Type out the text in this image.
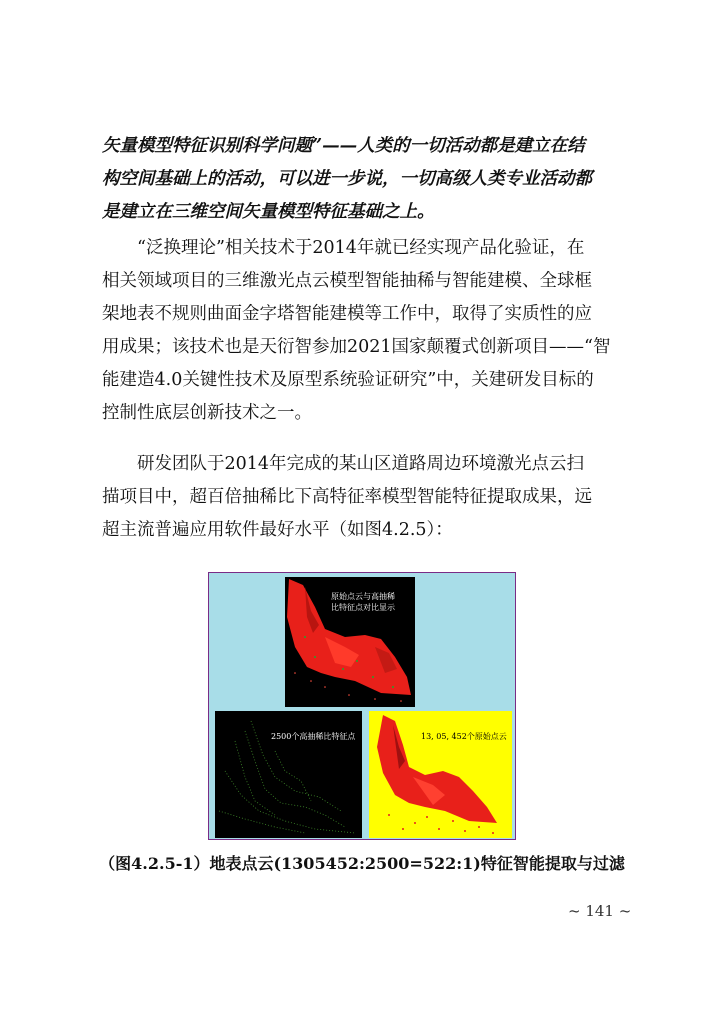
矢量模型特征识别科学问题”——人类的一切活动都是建立在结
构空间基础上的活动，可以进一步说，一切高级人类专业活动都
是建立在三维空间矢量模型特征基础之上。
“泛换理论”相关技术于2014年就已经实现产品化验证，在
相关领域项目的三维激光点云模型智能抽稀与智能建模、全球框
架地表不规则曲面金字塔智能建模等工作中，取得了实质性的应
用成果；该技术也是天衍智参加2021国家颠覆式创新项目——“智
能建造4.0关键性技术及原型系统验证研究”中，关建研发目标的
控制性底层创新技术之一。
研发团队于2014年完成的某山区道路周边环境激光点云扫
描项目中，超百倍抽稀比下高特征率模型智能特征提取成果，远
超主流普遍应用软件最好水平（如图4.2.5）：
原始点云与高抽稀比特征点对比显示
2500个高抽稀比特征点	13, 05, 452个原始点云
（图4.2.5-1）地表点云(1305452:2500=522:1)特征智能提取与过滤
~ 141 ~
